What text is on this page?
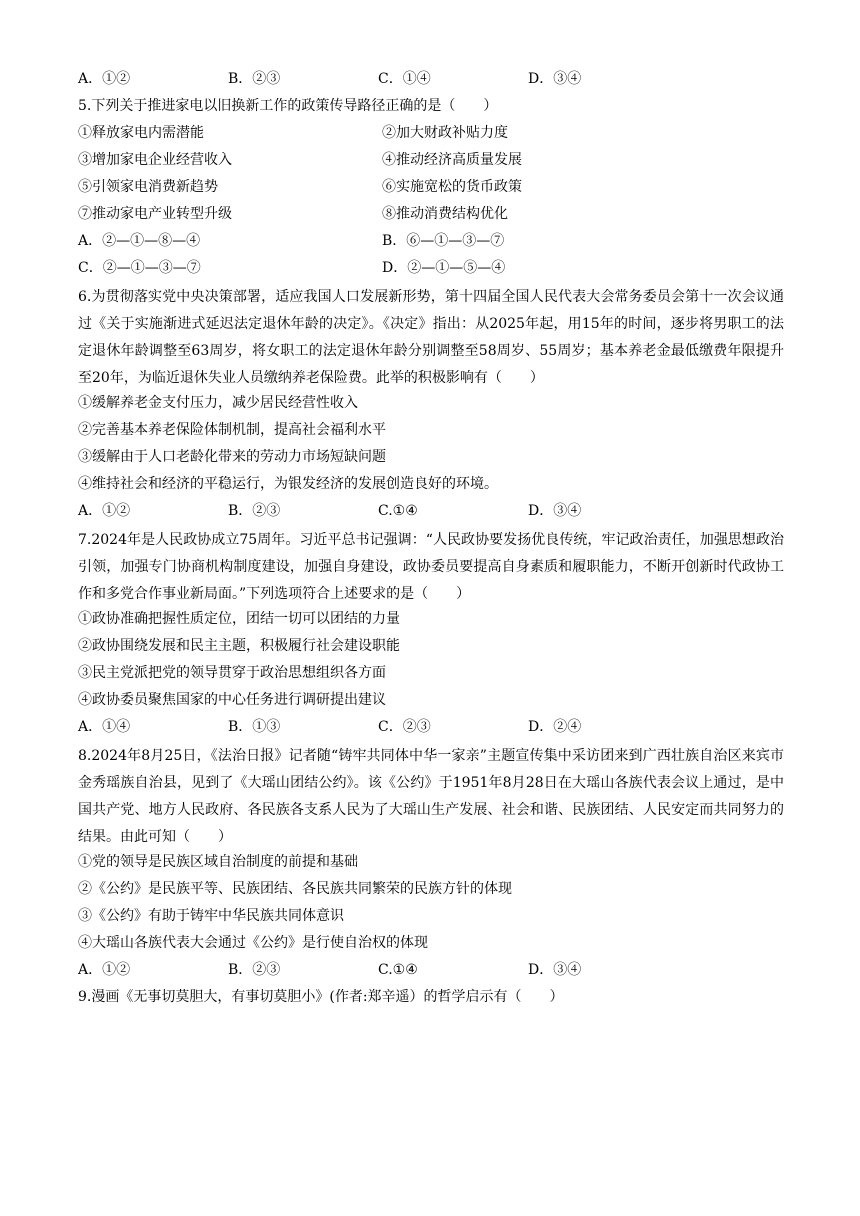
A．①②	B．②③	C．①④	D．③④
5.下列关于推进家电以旧换新工作的政策传导路径正确的是（　　）
①释放家电内需潜能	②加大财政补贴力度
③增加家电企业经营收入	④推动经济高质量发展
⑤引领家电消费新趋势	⑥实施宽松的货币政策
⑦推动家电产业转型升级	⑧推动消费结构优化
A．②—①—⑧—④	B．⑥—①—③—⑦
C．②—①—③—⑦	D．②—①—⑤—④
6.为贯彻落实党中央决策部署，适应我国人口发展新形势，第十四届全国人民代表大会常务委员会第十一次会议通过《关于实施渐进式延迟法定退休年龄的决定》。《决定》指出：从2025年起，用15年的时间，逐步将男职工的法定退休年龄调整至63周岁，将女职工的法定退休年龄分别调整至58周岁、55周岁；基本养老金最低缴费年限提升至20年，为临近退休失业人员缴纳养老保险费。此举的积极影响有（　　）
①缓解养老金支付压力，减少居民经营性收入
②完善基本养老保险体制机制，提高社会福利水平
③缓解由于人口老龄化带来的劳动力市场短缺问题
④维持社会和经济的平稳运行，为银发经济的发展创造良好的环境。
A．①②	B．②③	C.①④	D．③④
7.2024年是人民政协成立75周年。习近平总书记强调：“人民政协要发扬优良传统，牢记政治责任，加强思想政治引领，加强专门协商机构制度建设，加强自身建设，政协委员要提高自身素质和履职能力，不断开创新时代政协工作和多党合作事业新局面。”下列选项符合上述要求的是（　　）
①政协准确把握性质定位，团结一切可以团结的力量
②政协围绕发展和民主主题，积极履行社会建设职能
③民主党派把党的领导贯穿于政治思想组织各方面
④政协委员聚焦国家的中心任务进行调研提出建议
A．①④	B．①③	C．②③	D．②④
8.2024年8月25日，《法治日报》记者随“铸牢共同体中华一家亲”主题宣传集中采访团来到广西壮族自治区来宾市金秀瑶族自治县，见到了《大瑶山团结公约》。该《公约》于1951年8月28日在大瑶山各族代表会议上通过，是中国共产党、地方人民政府、各民族各支系人民为了大瑶山生产发展、社会和谐、民族团结、人民安定而共同努力的结果。由此可知（　　）
①党的领导是民族区域自治制度的前提和基础
②《公约》是民族平等、民族团结、各民族共同繁荣的民族方针的体现
③《公约》有助于铸牢中华民族共同体意识
④大瑶山各族代表大会通过《公约》是行使自治权的体现
A．①②	B．②③	C.①④	D．③④
9.漫画《无事切莫胆大，有事切莫胆小》(作者:郑辛遥）的哲学启示有（　　）
